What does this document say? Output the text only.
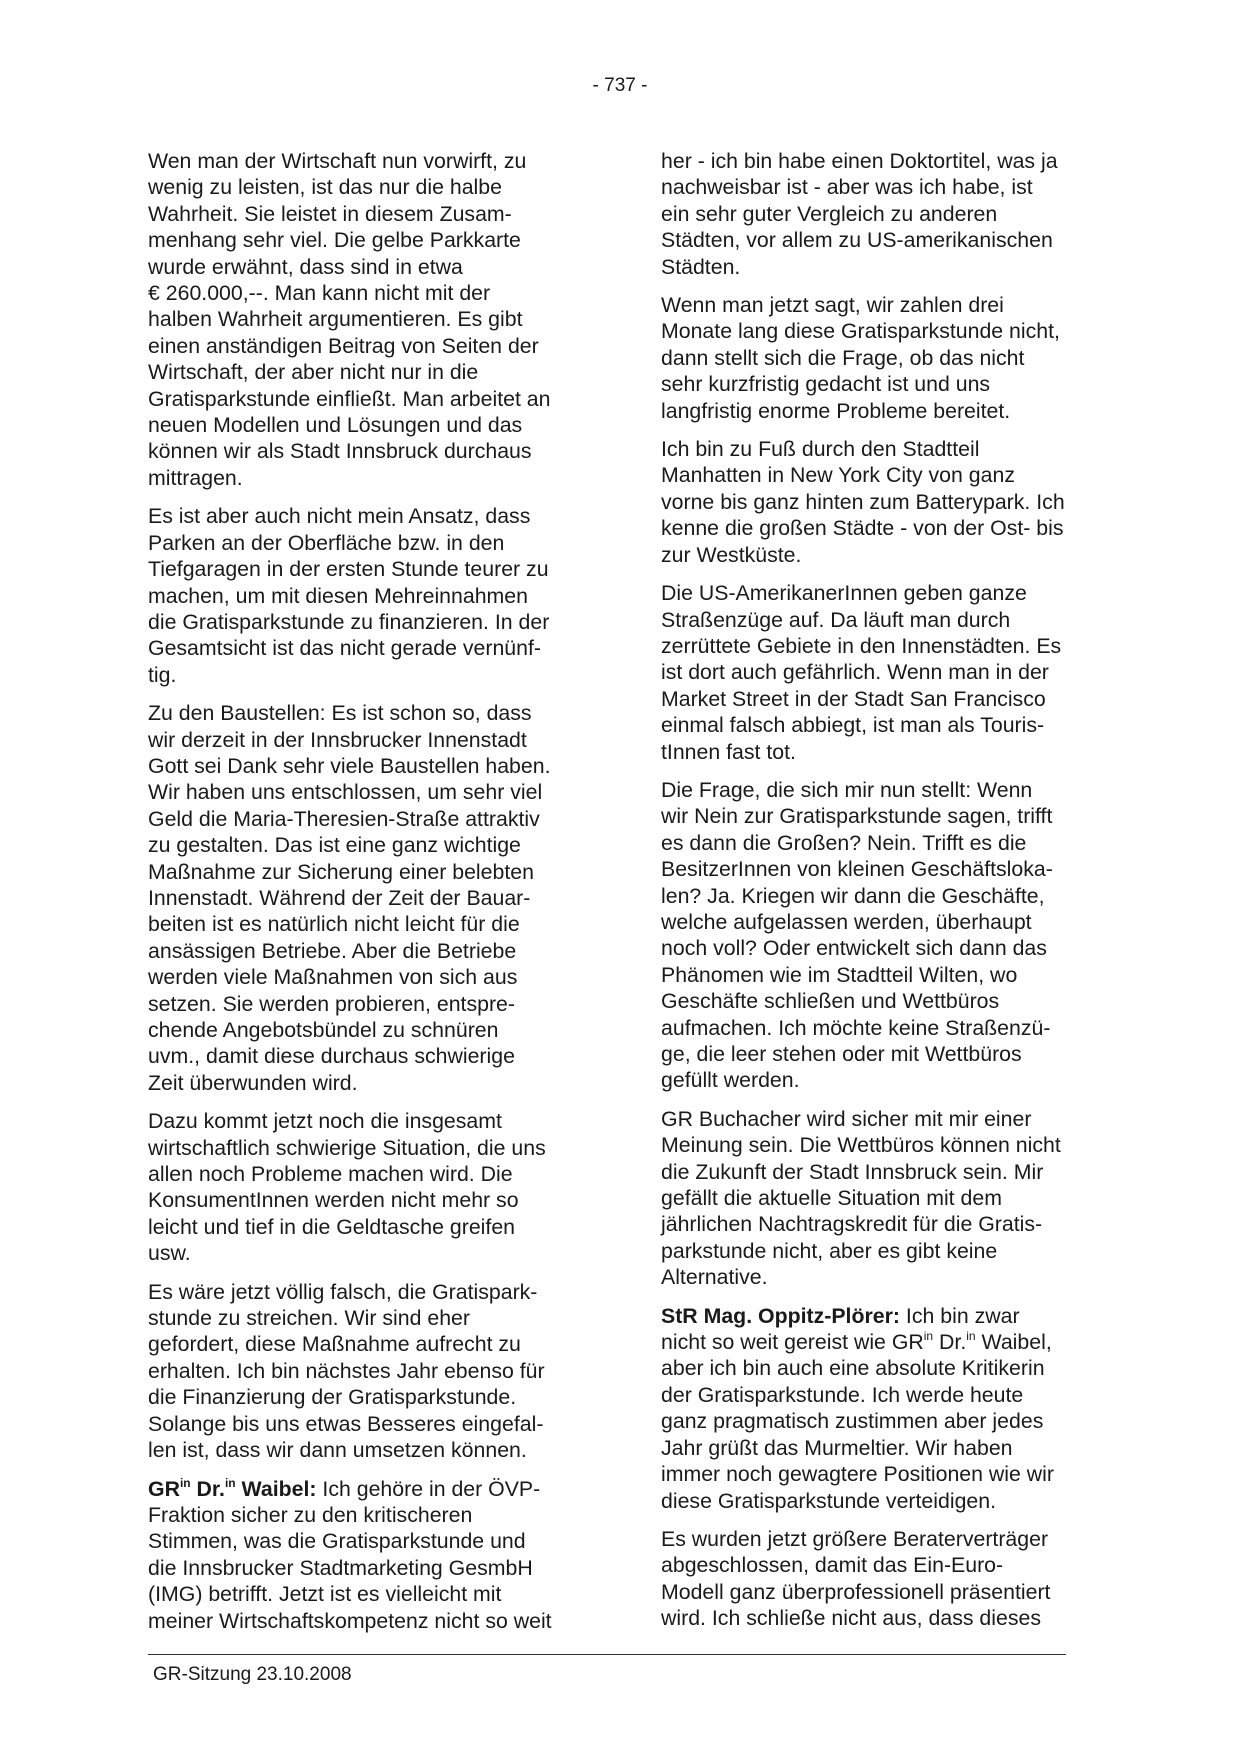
- 737 -

Wen man der Wirtschaft nun vorwirft, zu
wenig zu leisten, ist das nur die halbe
Wahrheit. Sie leistet in diesem Zusam-
menhang sehr viel. Die gelbe Parkkarte
wurde erwähnt, dass sind in etwa
€ 260.000,--. Man kann nicht mit der
halben Wahrheit argumentieren. Es gibt
einen anständigen Beitrag von Seiten der
Wirtschaft, der aber nicht nur in die
Gratisparkstunde einfließt. Man arbeitet an
neuen Modellen und Lösungen und das
können wir als Stadt Innsbruck durchaus
mittragen.

Es ist aber auch nicht mein Ansatz, dass
Parken an der Oberfläche bzw. in den
Tiefgaragen in der ersten Stunde teurer zu
machen, um mit diesen Mehreinnahmen
die Gratisparkstunde zu finanzieren. In der
Gesamtsicht ist das nicht gerade vernünf-
tig.

Zu den Baustellen: Es ist schon so, dass
wir derzeit in der Innsbrucker Innenstadt
Gott sei Dank sehr viele Baustellen haben.
Wir haben uns entschlossen, um sehr viel
Geld die Maria-Theresien-Straße attraktiv
zu gestalten. Das ist eine ganz wichtige
Maßnahme zur Sicherung einer belebten
Innenstadt. Während der Zeit der Bauar-
beiten ist es natürlich nicht leicht für die
ansässigen Betriebe. Aber die Betriebe
werden viele Maßnahmen von sich aus
setzen. Sie werden probieren, entspre-
chende Angebotsbündel zu schnüren
uvm., damit diese durchaus schwierige
Zeit überwunden wird.

Dazu kommt jetzt noch die insgesamt
wirtschaftlich schwierige Situation, die uns
allen noch Probleme machen wird. Die
KonsumentInnen werden nicht mehr so
leicht und tief in die Geldtasche greifen
usw.

Es wäre jetzt völlig falsch, die Gratispark-
stunde zu streichen. Wir sind eher
gefordert, diese Maßnahme aufrecht zu
erhalten. Ich bin nächstes Jahr ebenso für
die Finanzierung der Gratisparkstunde.
Solange bis uns etwas Besseres eingefal-
len ist, dass wir dann umsetzen können.

$GR^{in}$ Dr.$^{in}$ Waibel: Ich gehöre in der ÖVP-
Fraktion sicher zu den kritischeren
Stimmen, was die Gratisparkstunde und
die Innsbrucker Stadtmarketing GesmbH
(IMG) betrifft. Jetzt ist es vielleicht mit
meiner Wirtschaftskompetenz nicht so weit

her - ich bin habe einen Doktortitel, was ja
nachweisbar ist - aber was ich habe, ist
ein sehr guter Vergleich zu anderen
Städten, vor allem zu US-amerikanischen
Städten.

Wenn man jetzt sagt, wir zahlen drei
Monate lang diese Gratisparkstunde nicht,
dann stellt sich die Frage, ob das nicht
sehr kurzfristig gedacht ist und uns
langfristig enorme Probleme bereitet.

Ich bin zu Fuß durch den Stadtteil
Manhatten in New York City von ganz
vorne bis ganz hinten zum Batterypark. Ich
kenne die großen Städte - von der Ost- bis
zur Westküste.

Die US-AmerikanerInnen geben ganze
Straßenzüge auf. Da läuft man durch
zerrüttete Gebiete in den Innenstädten. Es
ist dort auch gefährlich. Wenn man in der
Market Street in der Stadt San Francisco
einmal falsch abbiegt, ist man als Touris-
tInnen fast tot.

Die Frage, die sich mir nun stellt: Wenn
wir Nein zur Gratisparkstunde sagen, trifft
es dann die Großen? Nein. Trifft es die
BesitzerInnen von kleinen Geschäftsloka-
len? Ja. Kriegen wir dann die Geschäfte,
welche aufgelassen werden, überhaupt
noch voll? Oder entwickelt sich dann das
Phänomen wie im Stadtteil Wilten, wo
Geschäfte schließen und Wettbüros
aufmachen. Ich möchte keine Straßenzü-
ge, die leer stehen oder mit Wettbüros
gefüllt werden.

GR Buchacher wird sicher mit mir einer
Meinung sein. Die Wettbüros können nicht
die Zukunft der Stadt Innsbruck sein. Mir
gefällt die aktuelle Situation mit dem
jährlichen Nachtragskredit für die Gratis-
parkstunde nicht, aber es gibt keine
Alternative.

StR Mag. Oppitz-Plörer: Ich bin zwar
nicht so weit gereist wie $GR^{in}$ Dr.$^{in}$ Waibel,
aber ich bin auch eine absolute Kritikerin
der Gratisparkstunde. Ich werde heute
ganz pragmatisch zustimmen aber jedes
Jahr grüßt das Murmeltier. Wir haben
immer noch gewagtere Positionen wie wir
diese Gratisparkstunde verteidigen.

Es wurden jetzt größere Beraterverträger
abgeschlossen, damit das Ein-Euro-
Modell ganz überprofessionell präsentiert
wird. Ich schließe nicht aus, dass dieses

GR-Sitzung 23.10.2008
